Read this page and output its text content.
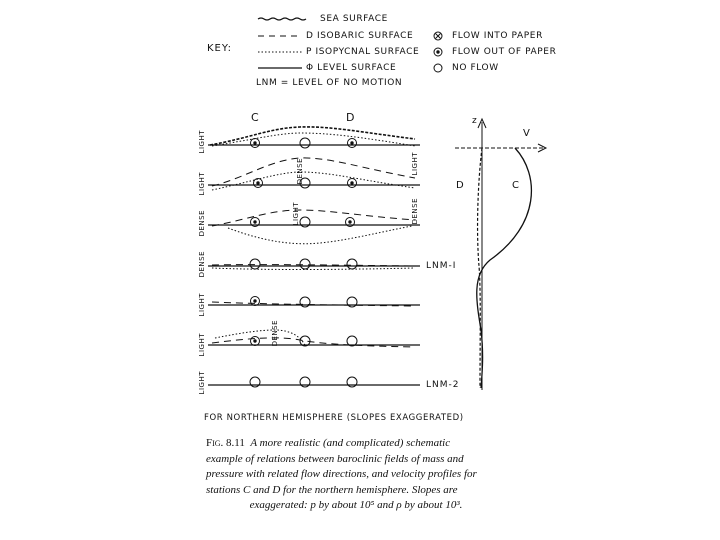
SEA SURFACE
D ISOBARIC SURFACE
P ISOPYCNAL SURFACE
Φ LEVEL SURFACE
LNM = LEVEL OF NO MOTION
KEY:
FLOW INTO PAPER
FLOW OUT OF PAPER
NO FLOW
C	D
LIGHT
LIGHT
DENSE
DENSE
LIGHT
LIGHT
LIGHT
DENSE	LIGHT
LIGHT	DENSE
DENSE
z
V
D	C
LNM-I
LNM-2
FOR NORTHERN HEMISPHERE (SLOPES EXAGGERATED)
Fig. 8.11 A more realistic (and complicated) schematic
example of relations between baroclinic fields of mass and
pressure with related flow directions, and velocity profiles for
stations C and D for the northern hemisphere. Slopes are
exaggerated: p by about 10⁵ and ρ by about 10³.
